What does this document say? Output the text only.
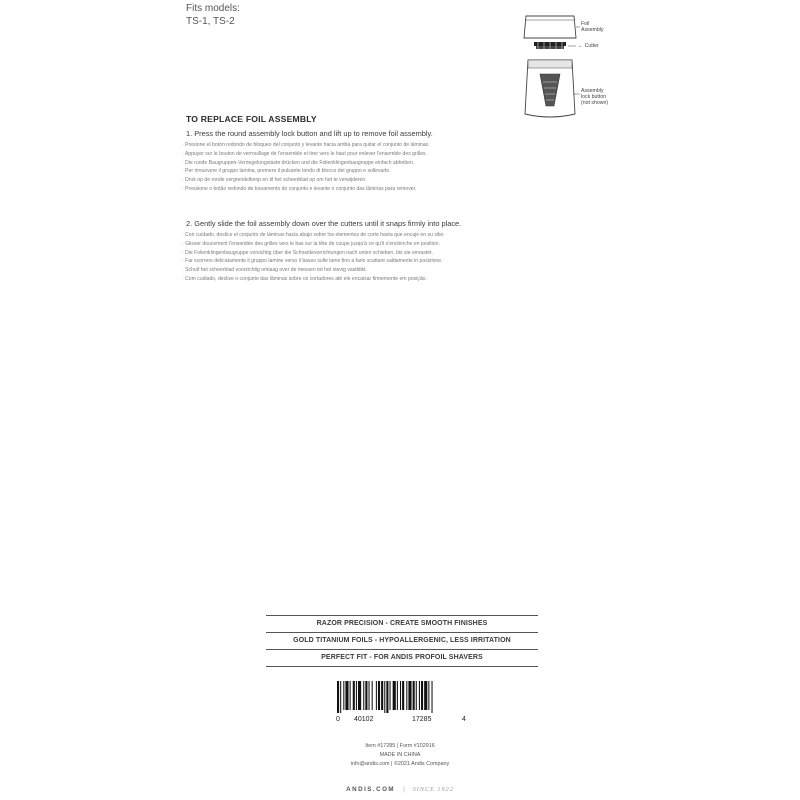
Fits models:
TS-1, TS-2	Foil
Assembly
← Cutter
Assembly
lock button
(not shown)
TO REPLACE FOIL ASSEMBLY
1. Press the round assembly lock button and lift up to remove foil assembly.
· Presione el botón redondo de bloqueo del conjunto y levante hacia arriba para quitar el conjunto de láminas.
· Appuyer sur le bouton de verrouillage de l'ensemble et tirer vers le haut pour enlever l'ensemble des grilles.
· Die runde Baugruppen-Verriegelungstaste drücken und die Folienklingenbaugruppe einfach abheben.
· Per rimuovere il gruppo lamina, premere il pulsante tondo di blocco del gruppo e sollevarlo.
· Druk op de ronde vergrendelknop en til het scheerblad op om het te verwijderen.
· Pressione o botão redondo de travamento do conjunto e levante o conjunto das lâminas para remover.
2. Gently slide the foil assembly down over the cutters until it snaps firmly into place.
· Con cuidado, deslice el conjunto de láminas hacia abajo sobre los elementos de corte hasta que encaje en su sitio.
· Glisser doucement l'ensemble des grilles vers le bas sur la tête de coupe jusqu'à ce qu'il s'enclenche en position.
· Die Folienklingenbaugruppe vorsichtig über die Schneidevorrichtungen nach unten schieben, bis sie einrastet.
· Far scorrere delicatamente il gruppo lamine verso il basso sulle lame fino a farlo scattare saldamente in posizione.
· Schuif het scheerblad voorzichtig omlaag over de messen tot het stevig vastklikt.
· Com cuidado, deslize o conjunto das lâminas sobre os cortadores até ele encaixar firmemente em posição.
RAZOR PRECISION - CREATE SMOOTH FINISHES
GOLD TITANIUM FOILS - HYPOALLERGENIC, LESS IRRITATION
PERFECT FIT - FOR ANDIS PROFOIL SHAVERS
0 40102	17285	4
Item #17285 | Form #102916
MADE IN CHINA
info@andis.com | ©2021 Andis Company
ANDIS.COM | SINCE 1922
